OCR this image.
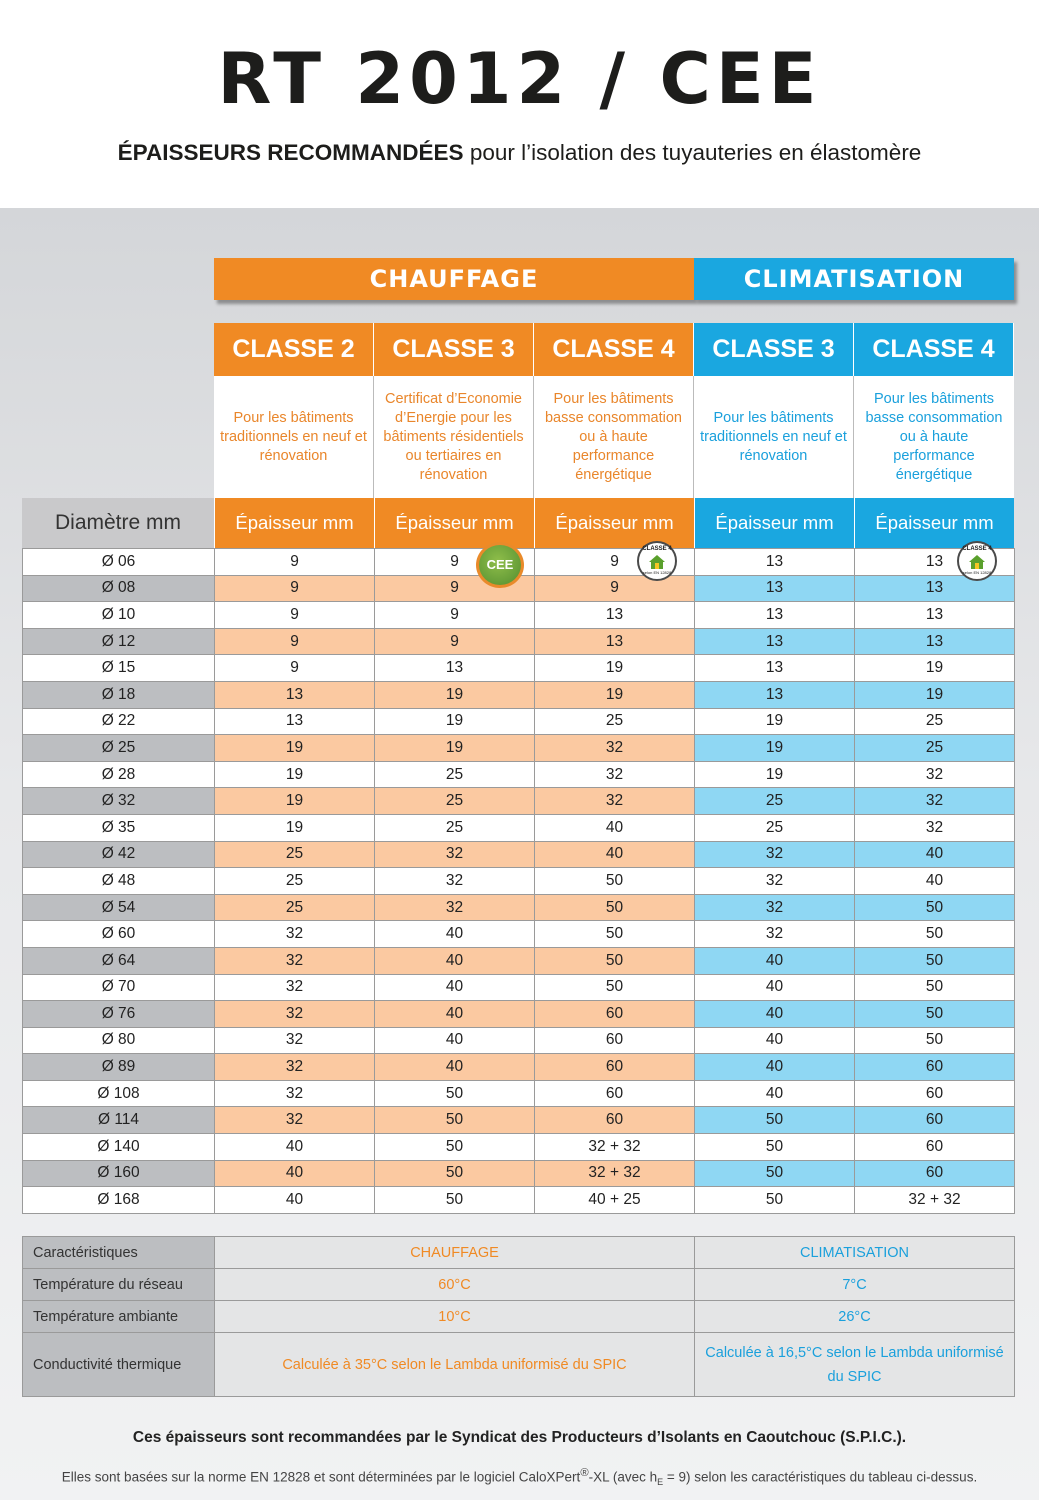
RT 2012 / CEE
ÉPAISSEURS RECOMMANDÉES pour l’isolation des tuyauteries en élastomère
CHAUFFAGE	CLIMATISATION
CLASSE 2	CLASSE 3	CLASSE 4	CLASSE 3	CLASSE 4
Pour les bâtiments traditionnels en neuf et rénovation
Certificat d’Economie d’Energie pour les bâtiments résidentiels ou tertiaires en rénovation
Pour les bâtiments basse consommation ou à haute performance énergétique
Pour les bâtiments traditionnels en neuf et rénovation
Pour les bâtiments basse consommation ou à haute performance énergétique
Diamètre mm	Épaisseur mm	Épaisseur mm	Épaisseur mm	Épaisseur mm	Épaisseur mm
Ø 06	9	9	9	13	13
Ø 08	9	9	9	13	13
Ø 10	9	9	13	13	13
Ø 12	9	9	13	13	13
Ø 15	9	13	19	13	19
Ø 18	13	19	19	13	19
Ø 22	13	19	25	19	25
Ø 25	19	19	32	19	25
Ø 28	19	25	32	19	32
Ø 32	19	25	32	25	32
Ø 35	19	25	40	25	32
Ø 42	25	32	40	32	40
Ø 48	25	32	50	32	40
Ø 54	25	32	50	32	50
Ø 60	32	40	50	32	50
Ø 64	32	40	50	40	50
Ø 70	32	40	50	40	50
Ø 76	32	40	60	40	50
Ø 80	32	40	60	40	50
Ø 89	32	40	60	40	60
Ø 108	32	50	60	40	60
Ø 114	32	50	60	50	60
Ø 140	40	50	32 + 32	50	60
Ø 160	40	50	32 + 32	50	60
Ø 168	40	50	40 + 25	50	32 + 32
CEE
CLASSE 4
selon EN 12828
CLASSE 4
selon EN 12828
Caractéristiques	CHAUFFAGE	CLIMATISATION
Température du réseau	60°C	7°C
Température ambiante	10°C	26°C
Conductivité thermique	Calculée à 35°C selon le Lambda uniformisé du SPIC	Calculée à 16,5°C selon le Lambda uniformisé du SPIC
Ces épaisseurs sont recommandées par le Syndicat des Producteurs d’Isolants en Caoutchouc (S.P.I.C.).
Elles sont basées sur la norme EN 12828 et sont déterminées par le logiciel CaloXPert®-XL (avec $h_E = 9$) selon les caractéristiques du tableau ci-dessus.
